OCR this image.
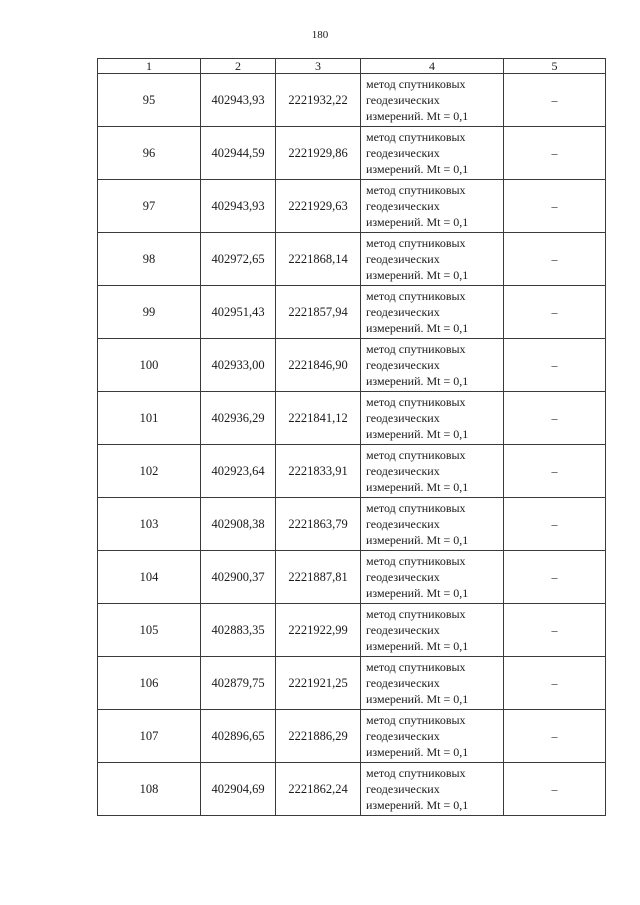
180
1	2	3	4	5
95	402943,93	2221932,22	метод спутниковых
геодезических
измерений. Mt = 0,1	–
96	402944,59	2221929,86	метод спутниковых
геодезических
измерений. Mt = 0,1	–
97	402943,93	2221929,63	метод спутниковых
геодезических
измерений. Mt = 0,1	–
98	402972,65	2221868,14	метод спутниковых
геодезических
измерений. Mt = 0,1	–
99	402951,43	2221857,94	метод спутниковых
геодезических
измерений. Mt = 0,1	–
100	402933,00	2221846,90	метод спутниковых
геодезических
измерений. Mt = 0,1	–
101	402936,29	2221841,12	метод спутниковых
геодезических
измерений. Mt = 0,1	–
102	402923,64	2221833,91	метод спутниковых
геодезических
измерений. Mt = 0,1	–
103	402908,38	2221863,79	метод спутниковых
геодезических
измерений. Mt = 0,1	–
104	402900,37	2221887,81	метод спутниковых
геодезических
измерений. Mt = 0,1	–
105	402883,35	2221922,99	метод спутниковых
геодезических
измерений. Mt = 0,1	–
106	402879,75	2221921,25	метод спутниковых
геодезических
измерений. Mt = 0,1	–
107	402896,65	2221886,29	метод спутниковых
геодезических
измерений. Mt = 0,1	–
108	402904,69	2221862,24	метод спутниковых
геодезических
измерений. Mt = 0,1	–
